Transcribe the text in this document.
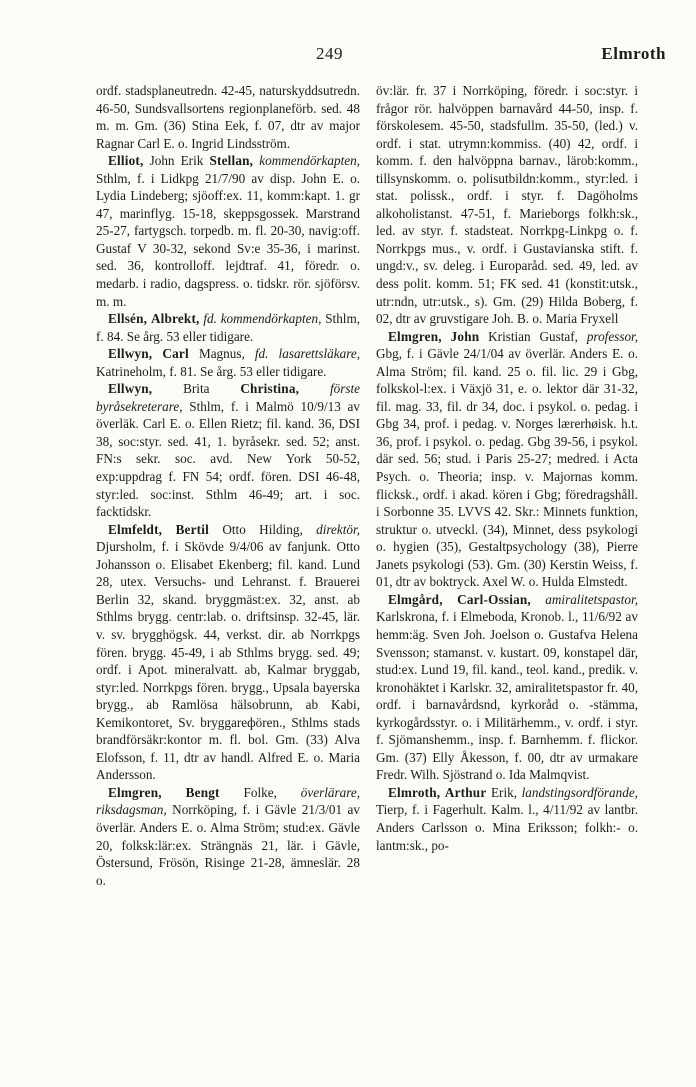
249	Elmroth

ordf. stadsplaneutredn. 42-45, naturskyddsutredn. 46-50, Sundsvallsortens regionplaneförb. sed. 48 m. m. Gm. (36) Stina Eek, f. 07, dtr av major Ragnar Carl E. o. Ingrid Lindsström.

Elliot, John Erik Stellan, kommendörkapten, Sthlm, f. i Lidkpg 21/7/90 av disp. John E. o. Lydia Lindeberg; sjöoff:ex. 11, komm:kapt. 1. gr 47, marinflyg. 15-18, skeppsgossek. Marstrand 25-27, fartygsch. torpedb. m. fl. 20-30, navig:off. Gustaf V 30-32, sekond Sv:e 35-36, i marinst. sed. 36, kontrolloff. lejdtraf. 41, föredr. o. medarb. i radio, dagspress. o. tidskr. rör. sjöförsv. m. m.

Ellsén, Albrekt, fd. kommendörkapten, Sthlm, f. 84. Se årg. 53 eller tidigare.

Ellwyn, Carl Magnus, fd. lasarettsläkare, Katrineholm, f. 81. Se årg. 53 eller tidigare.

Ellwyn, Brita Christina, förste byråsekreterare, Sthlm, f. i Malmö 10/9/13 av överläk. Carl E. o. Ellen Rietz; fil. kand. 36, DSI 38, soc:styr. sed. 41, 1. byråsekr. sed. 52; anst. FN:s sekr. soc. avd. New York 50-52, exp:uppdrag f. FN 54; ordf. fören. DSI 46-48, styr:led. soc:inst. Sthlm 46-49; art. i soc. facktidskr.

Elmfeldt, Bertil Otto Hilding, direktör, Djursholm, f. i Skövde 9/4/06 av fanjunk. Otto Johansson o. Elisabet Ekenberg; fil. kand. Lund 28, utex. Versuchs- und Lehranst. f. Brauerei Berlin 32, skand. bryggmäst:ex. 32, anst. ab Sthlms brygg. centr:lab. o. driftsinsp. 32-45, lär. v. sv. brygghögsk. 44, verkst. dir. ab Norrkpgs fören. brygg. 45-49, i ab Sthlms brygg. sed. 49; ordf. i Apot. mineralvatt. ab, Kalmar bryggab, styr:led. Norrkpgs fören. brygg., Upsala bayerska brygg., ab Ramlösa hälsobrunn, ab Kabi, Kemikontoret, Sv. bryggareфören., Sthlms stads brandförsäkr:kontor m. fl. bol. Gm. (33) Alva Elofsson, f. 11, dtr av handl. Alfred E. o. Maria Andersson.

Elmgren, Bengt Folke, överlärare, riksdagsman, Norrköping, f. i Gävle 21/3/01 av överlär. Anders E. o. Alma Ström; stud:ex. Gävle 20, folksk:lär:ex. Strängnäs 21, lär. i Gävle, Östersund, Frösön, Risinge 21-28, ämneslär. 28 o.

öv:lär. fr. 37 i Norrköping, föredr. i soc:styr. i frågor rör. halvöppen barnavård 44-50, insp. f. förskolesem. 45-50, stadsfullm. 35-50, (led.) v. ordf. i stat. utrymn:kommiss. (40) 42, ordf. i komm. f. den halvöppna barnav., lärob:komm., tillsynskomm. o. polisutbildn:komm., styr:led. i stat. polissk., ordf. i styr. f. Dagöholms alkoholistanst. 47-51, f. Marieborgs folkh:sk., led. av styr. f. stadsteat. Norrkpg-Linkpg o. f. Norrkpgs mus., v. ordf. i Gustavianska stift. f. ungd:v., sv. deleg. i Europaråd. sed. 49, led. av dess polit. komm. 51; FK sed. 41 (konstit:utsk., utr:ndn, utr:utsk., s). Gm. (29) Hilda Boberg, f. 02, dtr av gruvstigare Joh. B. o. Maria Fryxell

Elmgren, John Kristian Gustaf, professor, Gbg, f. i Gävle 24/1/04 av överlär. Anders E. o. Alma Ström; fil. kand. 25 o. fil. lic. 29 i Gbg, folkskol-l:ex. i Växjö 31, e. o. lektor där 31-32, fil. mag. 33, fil. dr 34, doc. i psykol. o. pedag. i Gbg 34, prof. i pedag. v. Norges lærerhøisk. h.t. 36, prof. i psykol. o. pedag. Gbg 39-56, i psykol. där sed. 56; stud. i Paris 25-27; medred. i Acta Psych. o. Theoria; insp. v. Majornas komm. flicksk., ordf. i akad. kören i Gbg; föredragshåll. i Sorbonne 35. LVVS 42. Skr.: Minnets funktion, struktur o. utveckl. (34), Minnet, dess psykologi o. hygien (35), Gestaltpsychology (38), Pierre Janets psykologi (53). Gm. (30) Kerstin Weiss, f. 01, dtr av boktryck. Axel W. o. Hulda Elmstedt.

Elmgård, Carl-Ossian, amiralitetspastor, Karlskrona, f. i Elmeboda, Kronob. l., 11/6/92 av hemm:äg. Sven Joh. Joelson o. Gustafva Helena Svensson; stamanst. v. kustart. 09, konstapel där, stud:ex. Lund 19, fil. kand., teol. kand., predik. v. kronohäktet i Karlskr. 32, amiralitetspastor fr. 40, ordf. i barnavårdsnd, kyrkoråd o. -stämma, kyrkogårdsstyr. o. i Militärhemm., v. ordf. i styr. f. Sjömanshemm., insp. f. Barnhemm. f. flickor. Gm. (37) Elly Åkesson, f. 00, dtr av urmakare Fredr. Wilh. Sjöstrand o. Ida Malmqvist.

Elmroth, Arthur Erik, landstingsordförande, Tierp, f. i Fagerhult. Kalm. l., 4/11/92 av lantbr. Anders Carlsson o. Mina Eriksson; folkh:- o. lantm:sk., po-
